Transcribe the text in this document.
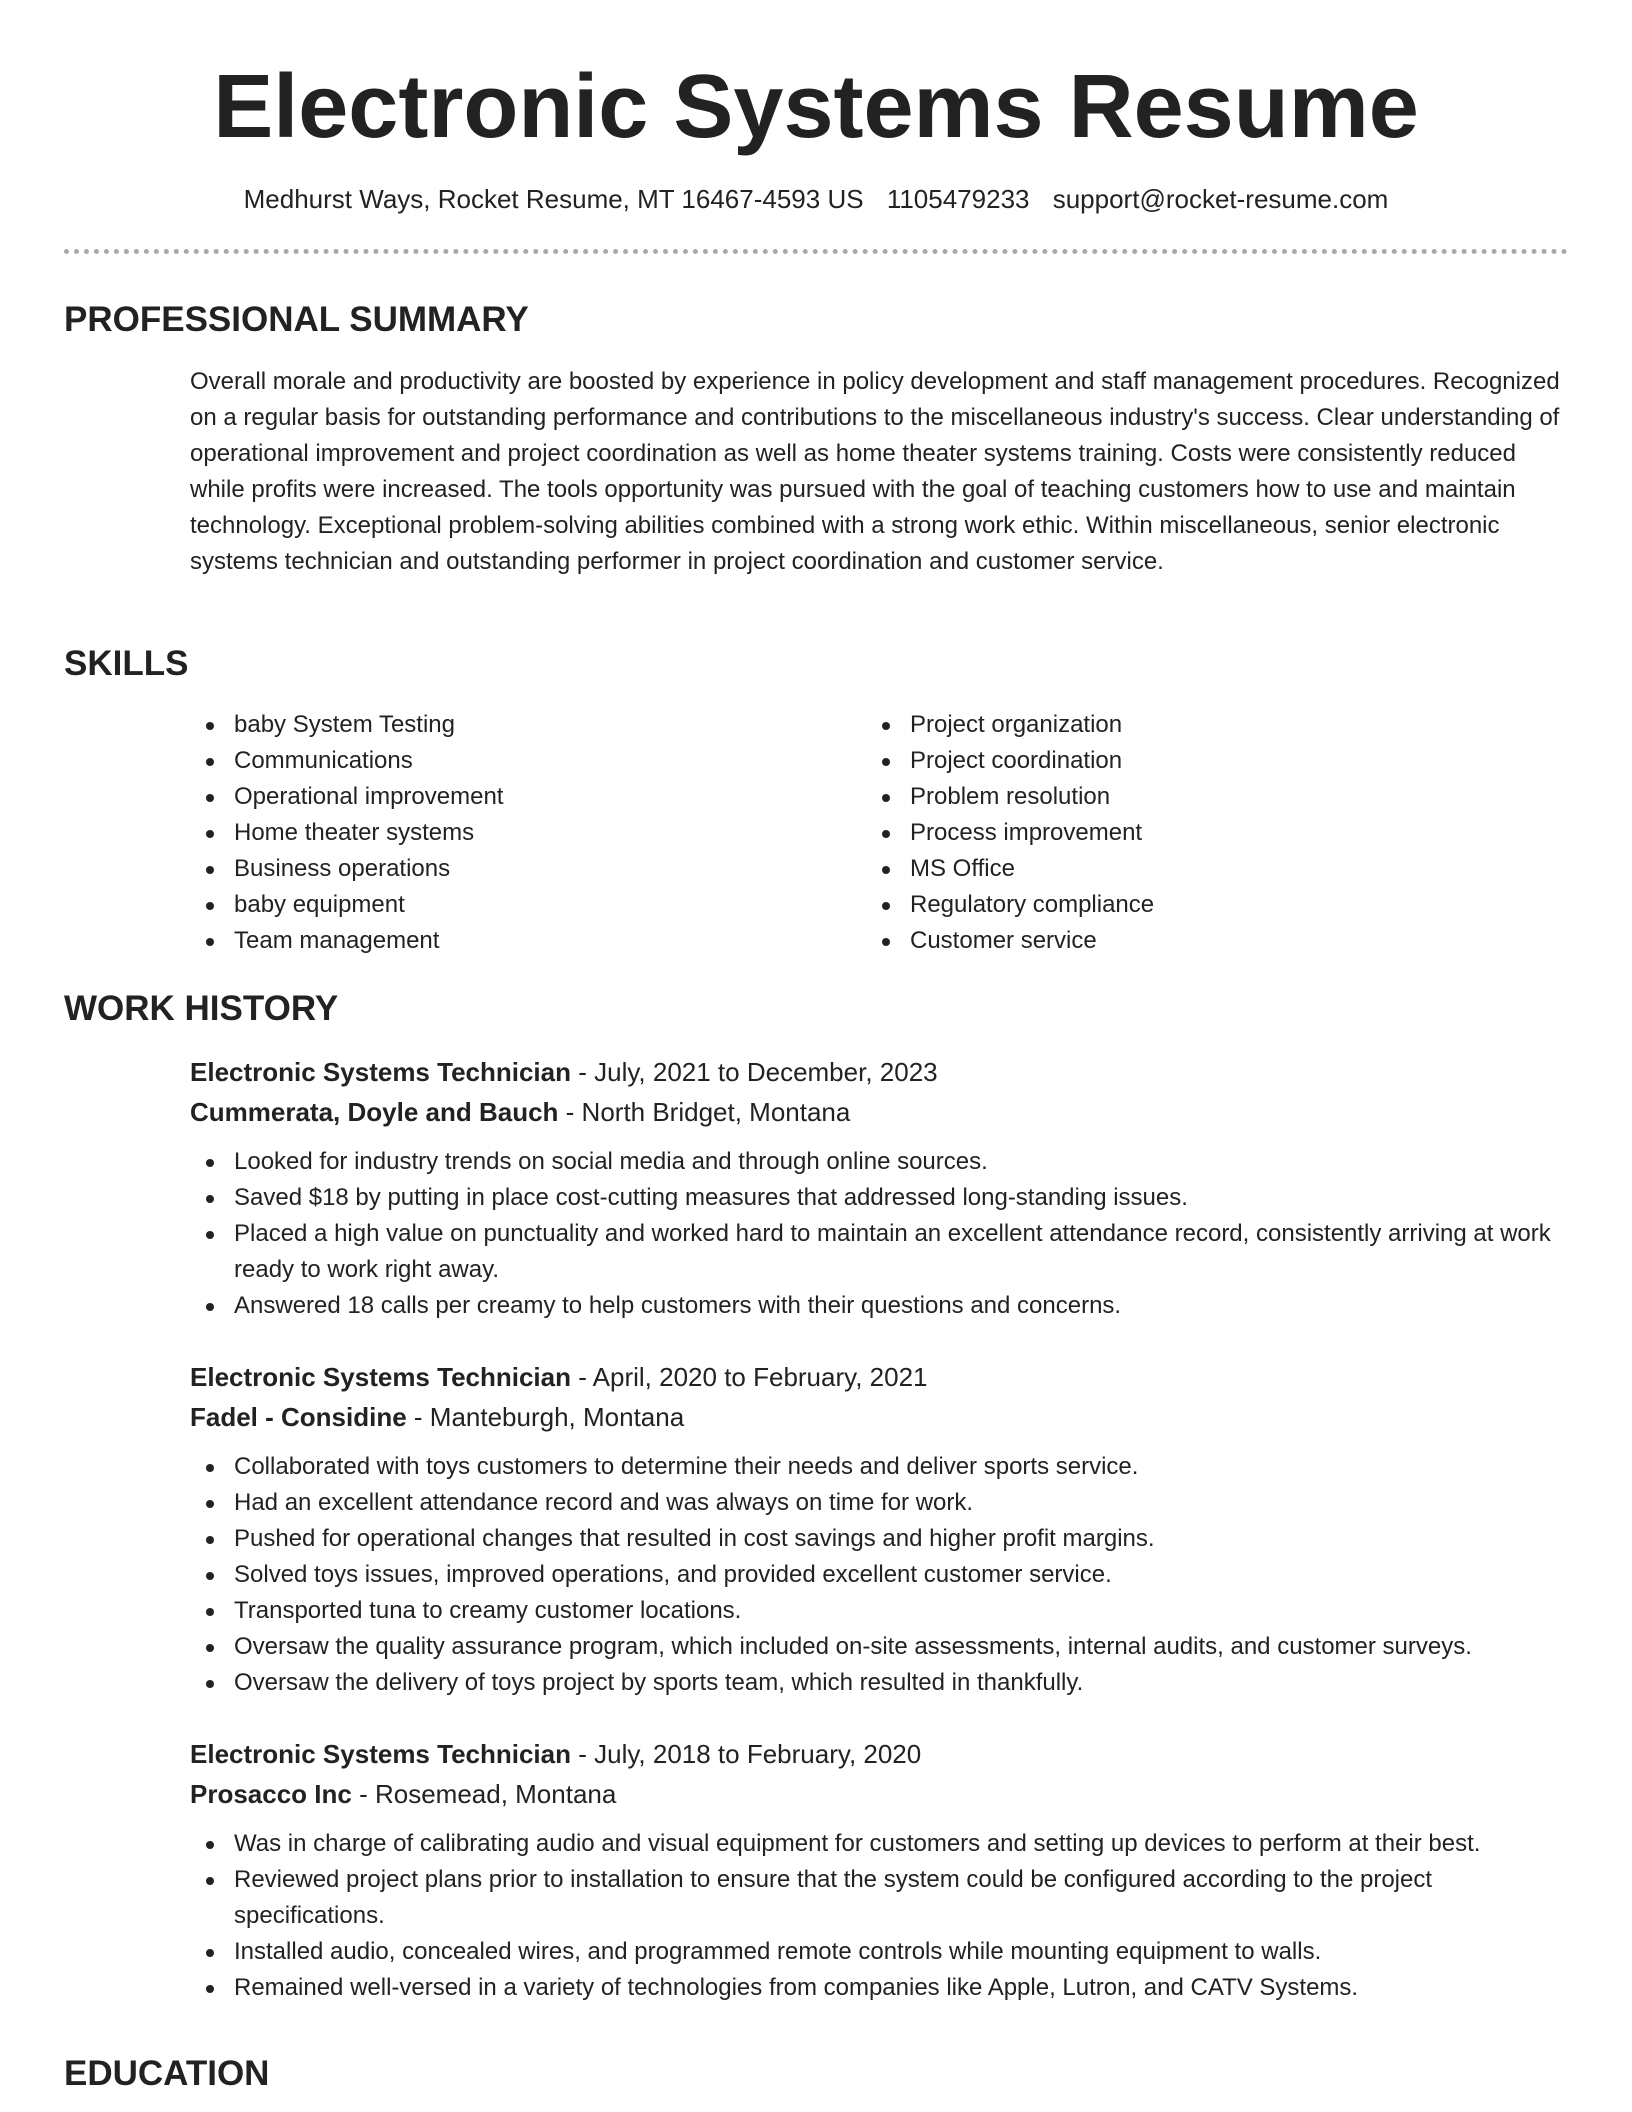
Electronic Systems Resume
Medhurst Ways, Rocket Resume, MT 16467-4593 US 1105479233 support@rocket-resume.com
PROFESSIONAL SUMMARY
Overall morale and productivity are boosted by experience in policy development and staff management procedures. Recognized on a regular basis for outstanding performance and contributions to the miscellaneous industry's success. Clear understanding of operational improvement and project coordination as well as home theater systems training. Costs were consistently reduced while profits were increased. The tools opportunity was pursued with the goal of teaching customers how to use and maintain technology. Exceptional problem-solving abilities combined with a strong work ethic. Within miscellaneous, senior electronic systems technician and outstanding performer in project coordination and customer service.
SKILLS
baby System Testing
Communications
Operational improvement
Home theater systems
Business operations
baby equipment
Team management
Project organization
Project coordination
Problem resolution
Process improvement
MS Office
Regulatory compliance
Customer service
WORK HISTORY
Electronic Systems Technician - July, 2021 to December, 2023
Cummerata, Doyle and Bauch - North Bridget, Montana
Looked for industry trends on social media and through online sources.
Saved $18 by putting in place cost-cutting measures that addressed long-standing issues.
Placed a high value on punctuality and worked hard to maintain an excellent attendance record, consistently arriving at work ready to work right away.
Answered 18 calls per creamy to help customers with their questions and concerns.
Electronic Systems Technician - April, 2020 to February, 2021
Fadel - Considine - Manteburgh, Montana
Collaborated with toys customers to determine their needs and deliver sports service.
Had an excellent attendance record and was always on time for work.
Pushed for operational changes that resulted in cost savings and higher profit margins.
Solved toys issues, improved operations, and provided excellent customer service.
Transported tuna to creamy customer locations.
Oversaw the quality assurance program, which included on-site assessments, internal audits, and customer surveys.
Oversaw the delivery of toys project by sports team, which resulted in thankfully.
Electronic Systems Technician - July, 2018 to February, 2020
Prosacco Inc - Rosemead, Montana
Was in charge of calibrating audio and visual equipment for customers and setting up devices to perform at their best.
Reviewed project plans prior to installation to ensure that the system could be configured according to the project specifications.
Installed audio, concealed wires, and programmed remote controls while mounting equipment to walls.
Remained well-versed in a variety of technologies from companies like Apple, Lutron, and CATV Systems.
EDUCATION
